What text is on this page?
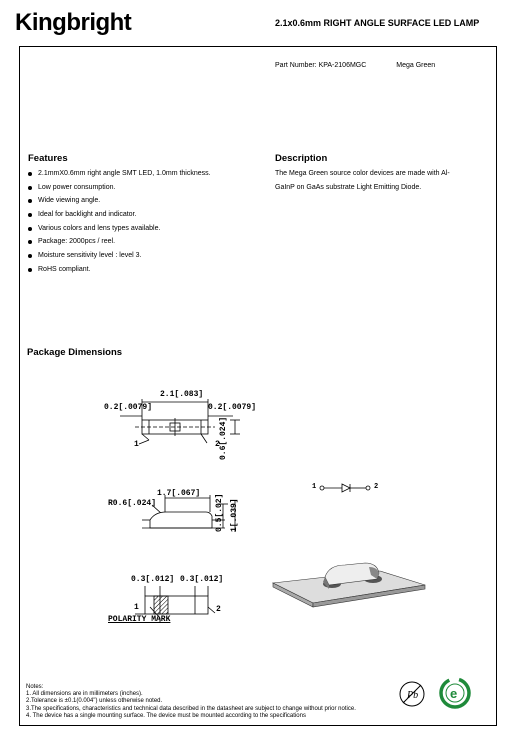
Kingbright	2.1x0.6mm RIGHT ANGLE SURFACE LED LAMP
Part Number: KPA-2106MGC	Mega Green
Features
2.1mmX0.6mm right angle SMT LED, 1.0mm thickness.
Low power consumption.
Wide viewing angle.
Ideal for backlight and indicator.
Various colors and lens types available.
Package: 2000pcs / reel.
Moisture sensitivity level : level 3.
RoHS compliant.
Description
The Mega Green source color devices are made with Al-
GaInP on GaAs substrate Light Emitting Diode.
Package Dimensions
2.1[.083]
0.2[.0079]	0.2[.0079]
0.6[.024]
1	2
1.7[.067]
R0.6[.024]	0.5[.02] 1[.039]
0.3[.012] 0.3[.012]
1	2
POLARITY MARK
1	2
Notes:
1. All dimensions are in millimeters (inches).
2.Tolerance is ±0.1(0.004") unless otherwise noted.
3.The specifications, characteristics and technical data described in the datasheet are subject to change without prior notice.
4. The device has a single mounting surface. The device must be mounted according to the specifications
Pb e
